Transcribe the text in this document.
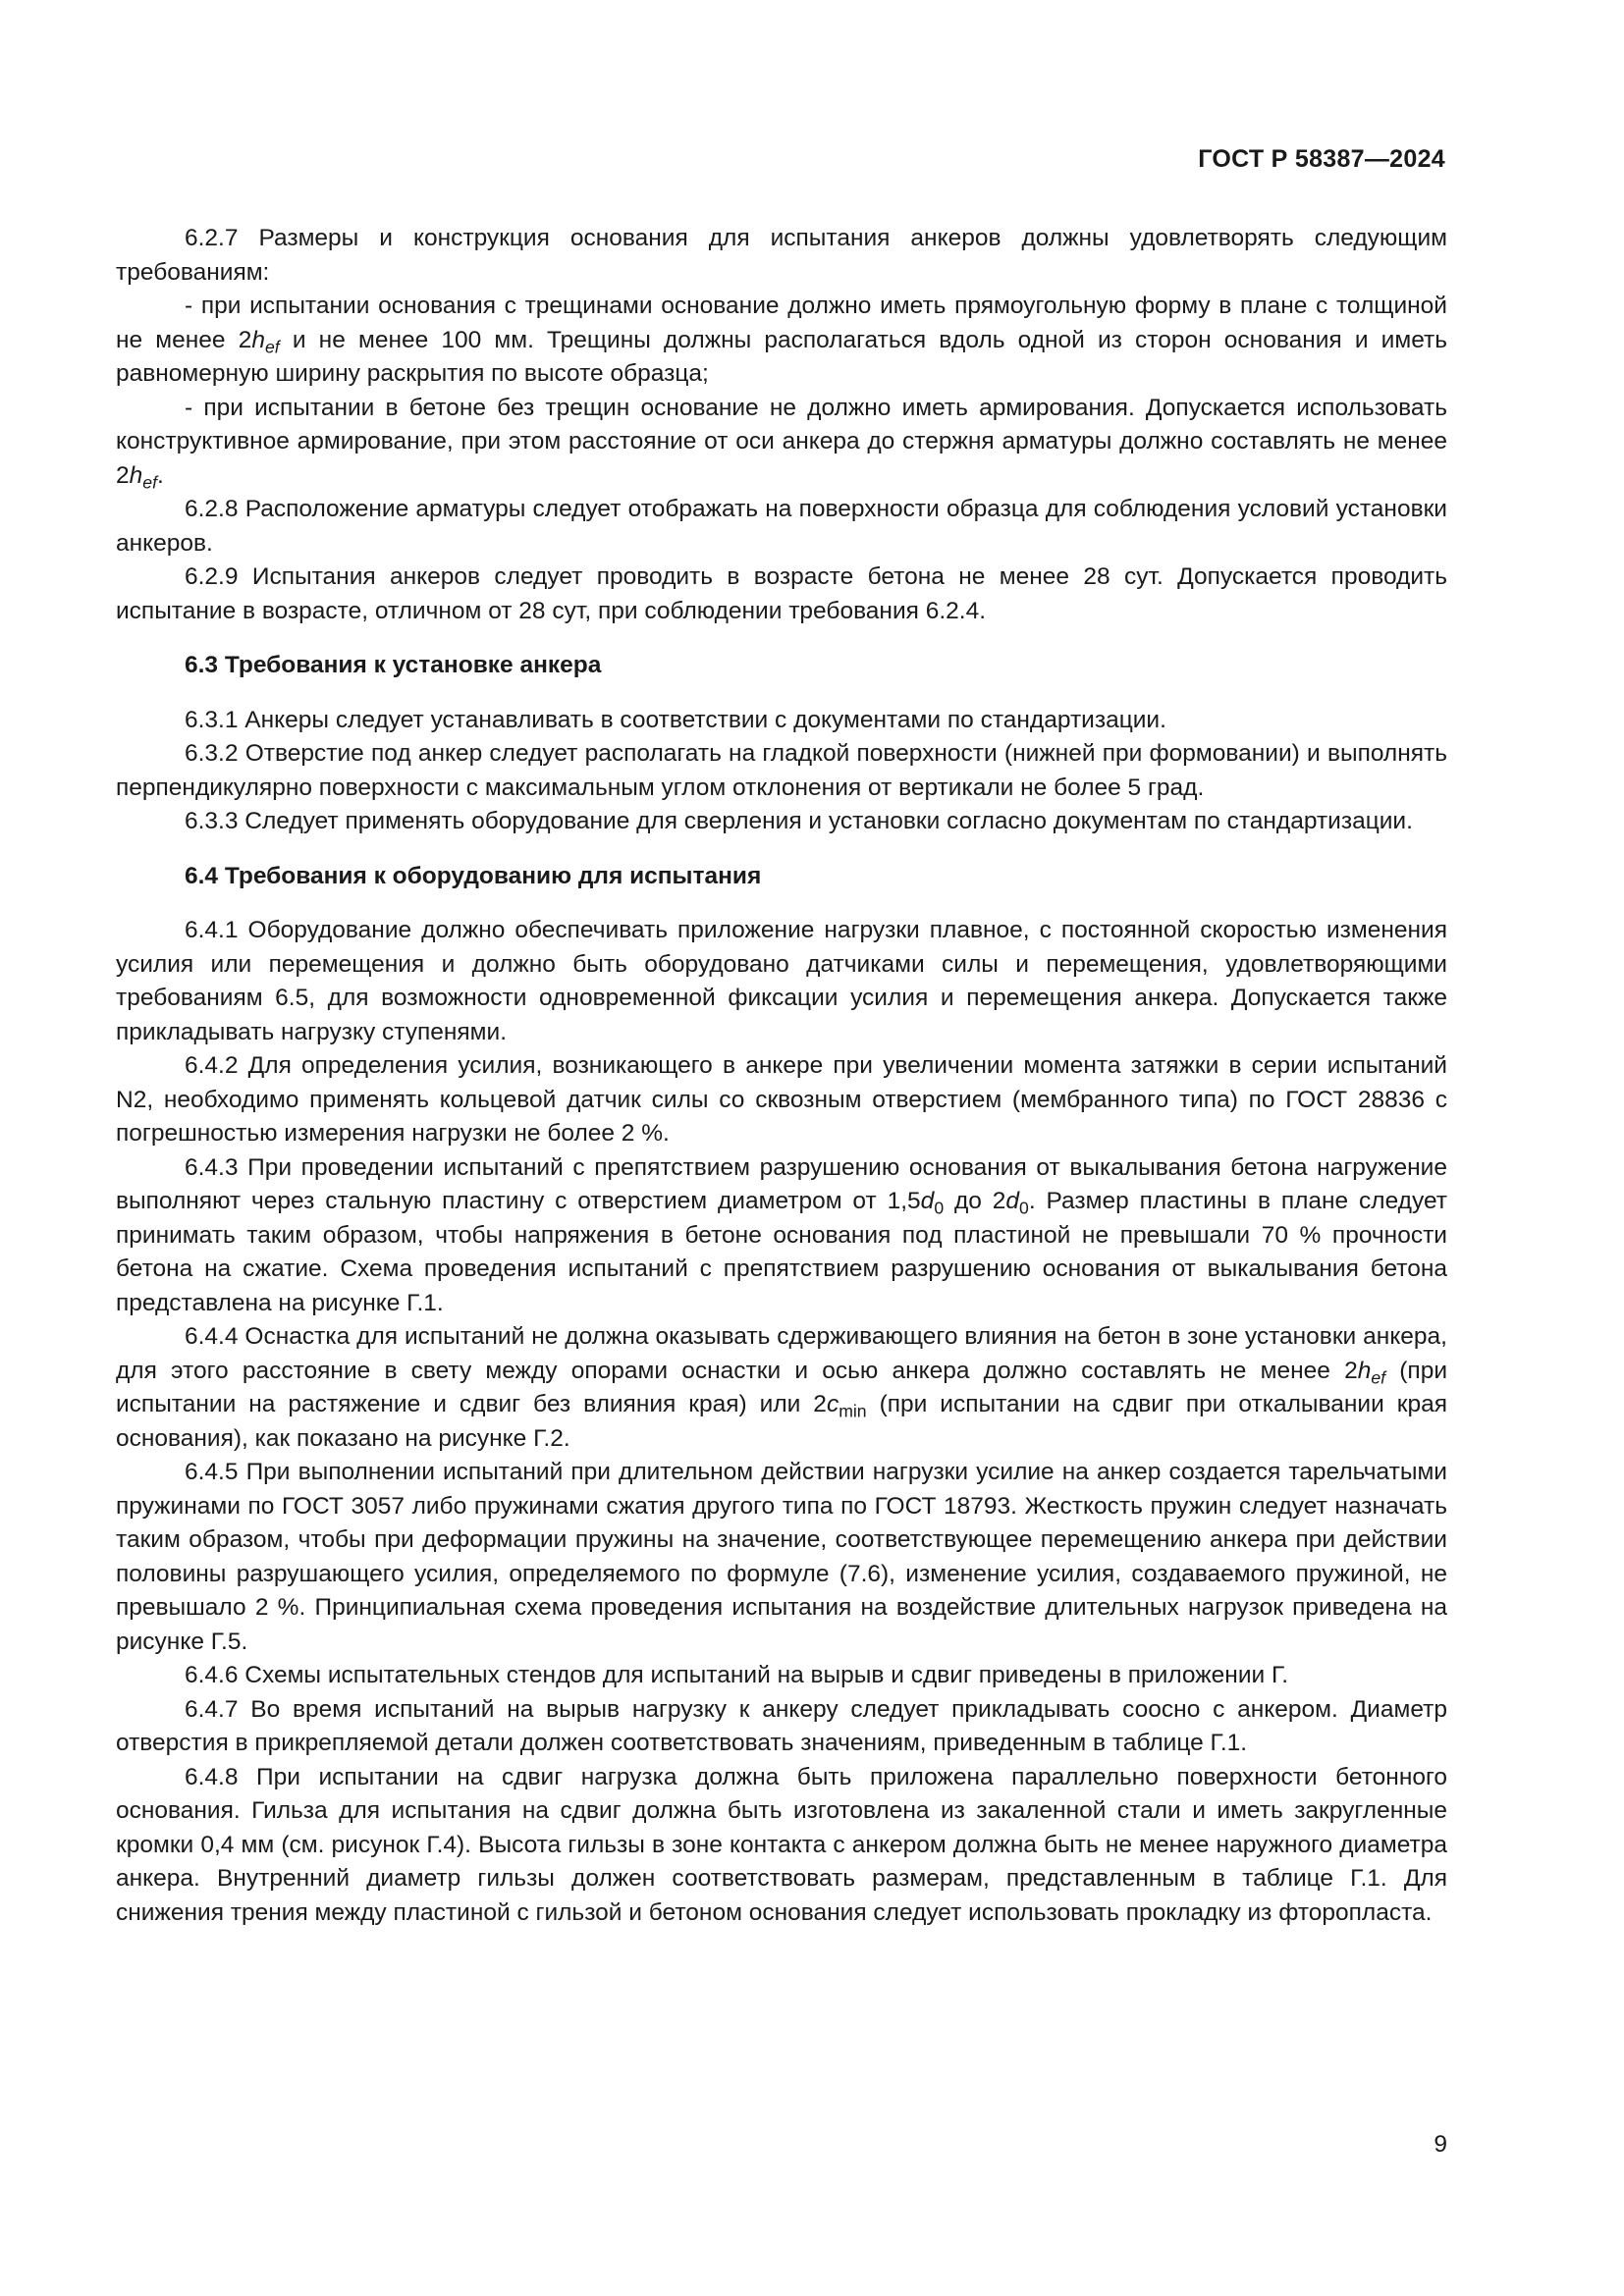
ГОСТ Р 58387—2024

6.2.7 Размеры и конструкция основания для испытания анкеров должны удовлетворять следующим требованиям:

- при испытании основания с трещинами основание должно иметь прямоугольную форму в плане с толщиной не менее $2h_{ef}$ и не менее 100 мм. Трещины должны располагаться вдоль одной из сторон основания и иметь равномерную ширину раскрытия по высоте образца;

- при испытании в бетоне без трещин основание не должно иметь армирования. Допускается использовать конструктивное армирование, при этом расстояние от оси анкера до стержня арматуры должно составлять не менее $2h_{ef}$.

6.2.8 Расположение арматуры следует отображать на поверхности образца для соблюдения условий установки анкеров.

6.2.9 Испытания анкеров следует проводить в возрасте бетона не менее 28 сут. Допускается проводить испытание в возрасте, отличном от 28 сут, при соблюдении требования 6.2.4.

6.3 Требования к установке анкера

6.3.1 Анкеры следует устанавливать в соответствии с документами по стандартизации.

6.3.2 Отверстие под анкер следует располагать на гладкой поверхности (нижней при формовании) и выполнять перпендикулярно поверхности с максимальным углом отклонения от вертикали не более 5 град.

6.3.3 Следует применять оборудование для сверления и установки согласно документам по стандартизации.

6.4 Требования к оборудованию для испытания

6.4.1 Оборудование должно обеспечивать приложение нагрузки плавное, с постоянной скоростью изменения усилия или перемещения и должно быть оборудовано датчиками силы и перемещения, удовлетворяющими требованиям 6.5, для возможности одновременной фиксации усилия и перемещения анкера. Допускается также прикладывать нагрузку ступенями.

6.4.2 Для определения усилия, возникающего в анкере при увеличении момента затяжки в серии испытаний N2, необходимо применять кольцевой датчик силы со сквозным отверстием (мембранного типа) по ГОСТ 28836 с погрешностью измерения нагрузки не более 2 %.

6.4.3 При проведении испытаний с препятствием разрушению основания от выкалывания бетона нагружение выполняют через стальную пластину с отверстием диаметром от $1,5d_0$ до $2d_0$. Размер пластины в плане следует принимать таким образом, чтобы напряжения в бетоне основания под пластиной не превышали 70 % прочности бетона на сжатие. Схема проведения испытаний с препятствием разрушению основания от выкалывания бетона представлена на рисунке Г.1.

6.4.4 Оснастка для испытаний не должна оказывать сдерживающего влияния на бетон в зоне установки анкера, для этого расстояние в свету между опорами оснастки и осью анкера должно составлять не менее $2h_{ef}$ (при испытании на растяжение и сдвиг без влияния края) или $2c_{min}$ (при испытании на сдвиг при откалывании края основания), как показано на рисунке Г.2.

6.4.5 При выполнении испытаний при длительном действии нагрузки усилие на анкер создается тарельчатыми пружинами по ГОСТ 3057 либо пружинами сжатия другого типа по ГОСТ 18793. Жесткость пружин следует назначать таким образом, чтобы при деформации пружины на значение, соответствующее перемещению анкера при действии половины разрушающего усилия, определяемого по формуле (7.6), изменение усилия, создаваемого пружиной, не превышало 2 %. Принципиальная схема проведения испытания на воздействие длительных нагрузок приведена на рисунке Г.5.

6.4.6 Схемы испытательных стендов для испытаний на вырыв и сдвиг приведены в приложении Г.

6.4.7 Во время испытаний на вырыв нагрузку к анкеру следует прикладывать соосно с анкером. Диаметр отверстия в прикрепляемой детали должен соответствовать значениям, приведенным в таблице Г.1.

6.4.8 При испытании на сдвиг нагрузка должна быть приложена параллельно поверхности бетонного основания. Гильза для испытания на сдвиг должна быть изготовлена из закаленной стали и иметь закругленные кромки 0,4 мм (см. рисунок Г.4). Высота гильзы в зоне контакта с анкером должна быть не менее наружного диаметра анкера. Внутренний диаметр гильзы должен соответствовать размерам, представленным в таблице Г.1. Для снижения трения между пластиной с гильзой и бетоном основания следует использовать прокладку из фторопласта.

9
